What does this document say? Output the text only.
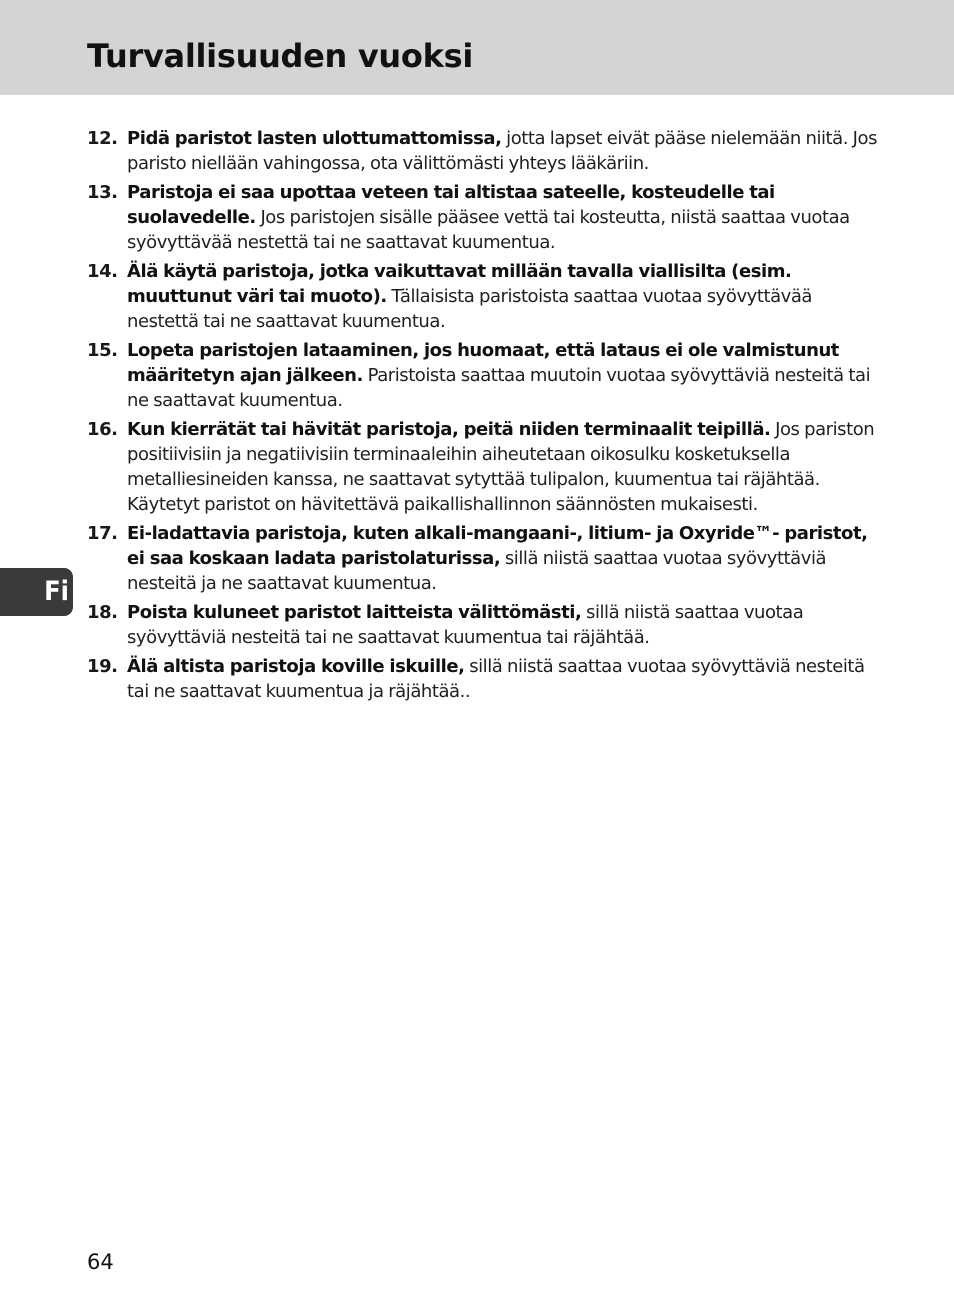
Turvallisuuden vuoksi
Fi
12. Pidä paristot lasten ulottumattomissa, jotta lapset eivät pääse nielemään niitä. Jos paristo niellään vahingossa, ota välittömästi yhteys lääkäriin.
13. Paristoja ei saa upottaa veteen tai altistaa sateelle, kosteudelle tai suolavedelle. Jos paristojen sisälle pääsee vettä tai kosteutta, niistä saattaa vuotaa syövyttävää nestettä tai ne saattavat kuumentua.
14. Älä käytä paristoja, jotka vaikuttavat millään tavalla viallisilta (esim. muuttunut väri tai muoto). Tällaisista paristoista saattaa vuotaa syövyttävää nestettä tai ne saattavat kuumentua.
15. Lopeta paristojen lataaminen, jos huomaat, että lataus ei ole valmistunut määritetyn ajan jälkeen. Paristoista saattaa muutoin vuotaa syövyttäviä nesteitä tai ne saattavat kuumentua.
16. Kun kierrätät tai hävität paristoja, peitä niiden terminaalit teipillä. Jos pariston positiivisiin ja negatiivisiin terminaaleihin aiheutetaan oikosulku kosketuksella metalliesineiden kanssa, ne saattavat sytyttää tulipalon, kuumentua tai räjähtää. Käytetyt paristot on hävitettävä paikallishallinnon säännösten mukaisesti.
17. Ei-ladattavia paristoja, kuten alkali-mangaani-, litium- ja Oxyride™- paristot, ei saa koskaan ladata paristolaturissa, sillä niistä saattaa vuotaa syövyttäviä nesteitä ja ne saattavat kuumentua.
18. Poista kuluneet paristot laitteista välittömästi, sillä niistä saattaa vuotaa syövyttäviä nesteitä tai ne saattavat kuumentua tai räjähtää.
19. Älä altista paristoja koville iskuille, sillä niistä saattaa vuotaa syövyttäviä nesteitä tai ne saattavat kuumentua ja räjähtää..
64
